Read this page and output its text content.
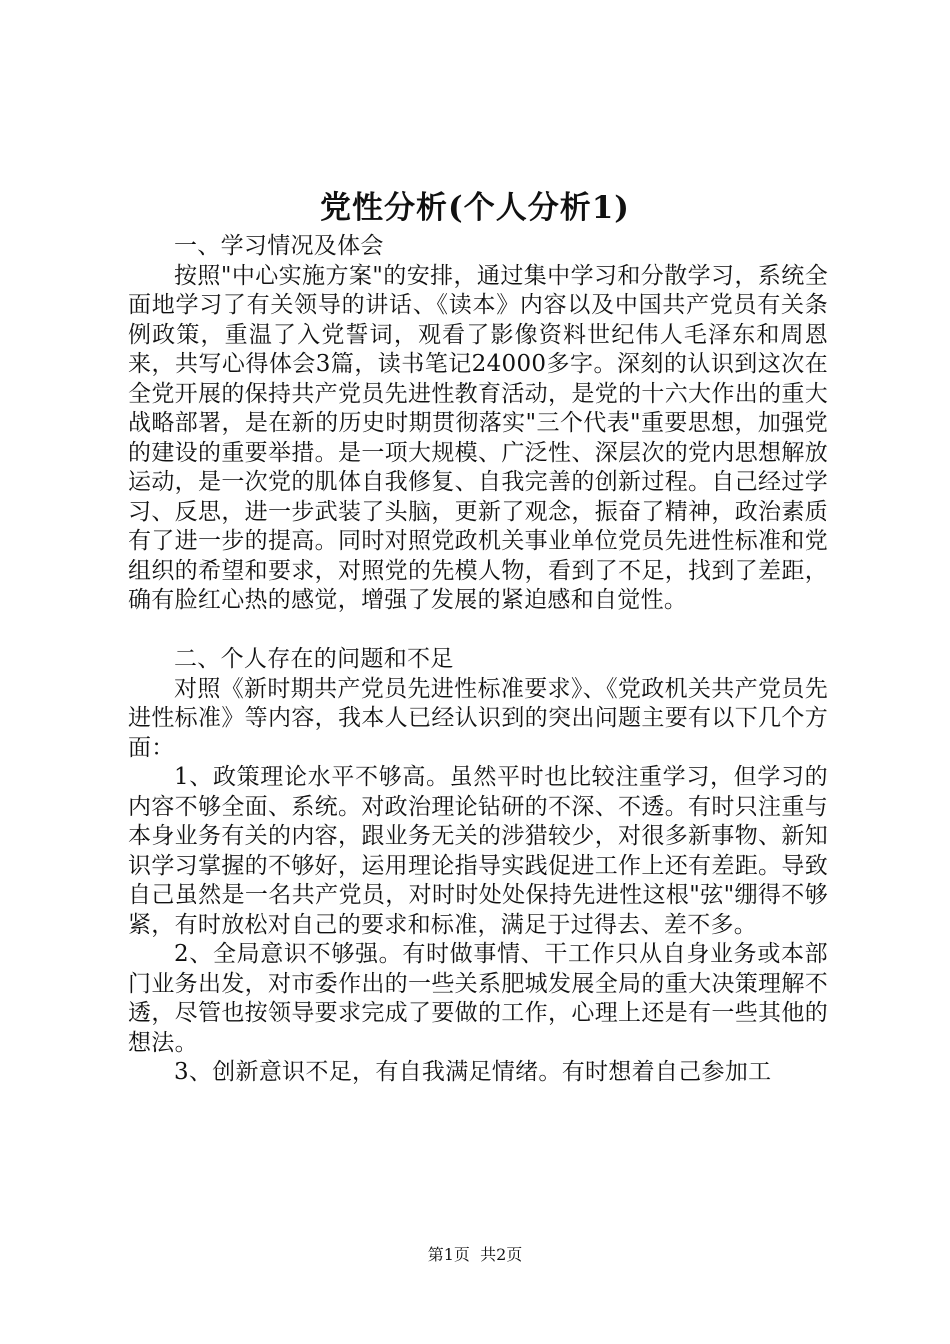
党性分析(个人分析1)

一、学习情况及体会

按照"中心实施方案"的安排，通过集中学习和分散学习，系统全面地学习了有关领导的讲话、《读本》内容以及中国共产党员有关条例政策，重温了入党誓词，观看了影像资料世纪伟人毛泽东和周恩来，共写心得体会3篇，读书笔记24000多字。深刻的认识到这次在全党开展的保持共产党员先进性教育活动，是党的十六大作出的重大战略部署，是在新的历史时期贯彻落实"三个代表"重要思想，加强党的建设的重要举措。是一项大规模、广泛性、深层次的党内思想解放运动，是一次党的肌体自我修复、自我完善的创新过程。自己经过学习、反思，进一步武装了头脑，更新了观念，振奋了精神，政治素质有了进一步的提高。同时对照党政机关事业单位党员先进性标准和党组织的希望和要求，对照党的先模人物，看到了不足，找到了差距，确有脸红心热的感觉，增强了发展的紧迫感和自觉性。

二、个人存在的问题和不足

对照《新时期共产党员先进性标准要求》、《党政机关共产党员先进性标准》等内容，我本人已经认识到的突出问题主要有以下几个方面：

1、政策理论水平不够高。虽然平时也比较注重学习，但学习的内容不够全面、系统。对政治理论钻研的不深、不透。有时只注重与本身业务有关的内容，跟业务无关的涉猎较少，对很多新事物、新知识学习掌握的不够好，运用理论指导实践促进工作上还有差距。导致自己虽然是一名共产党员，对时时处处保持先进性这根"弦"绷得不够紧，有时放松对自己的要求和标准，满足于过得去、差不多。

2、全局意识不够强。有时做事情、干工作只从自身业务或本部门业务出发，对市委作出的一些关系肥城发展全局的重大决策理解不透，尽管也按领导要求完成了要做的工作，心理上还是有一些其他的想法。

3、创新意识不足，有自我满足情绪。有时想着自己参加工

第1页  共2页
